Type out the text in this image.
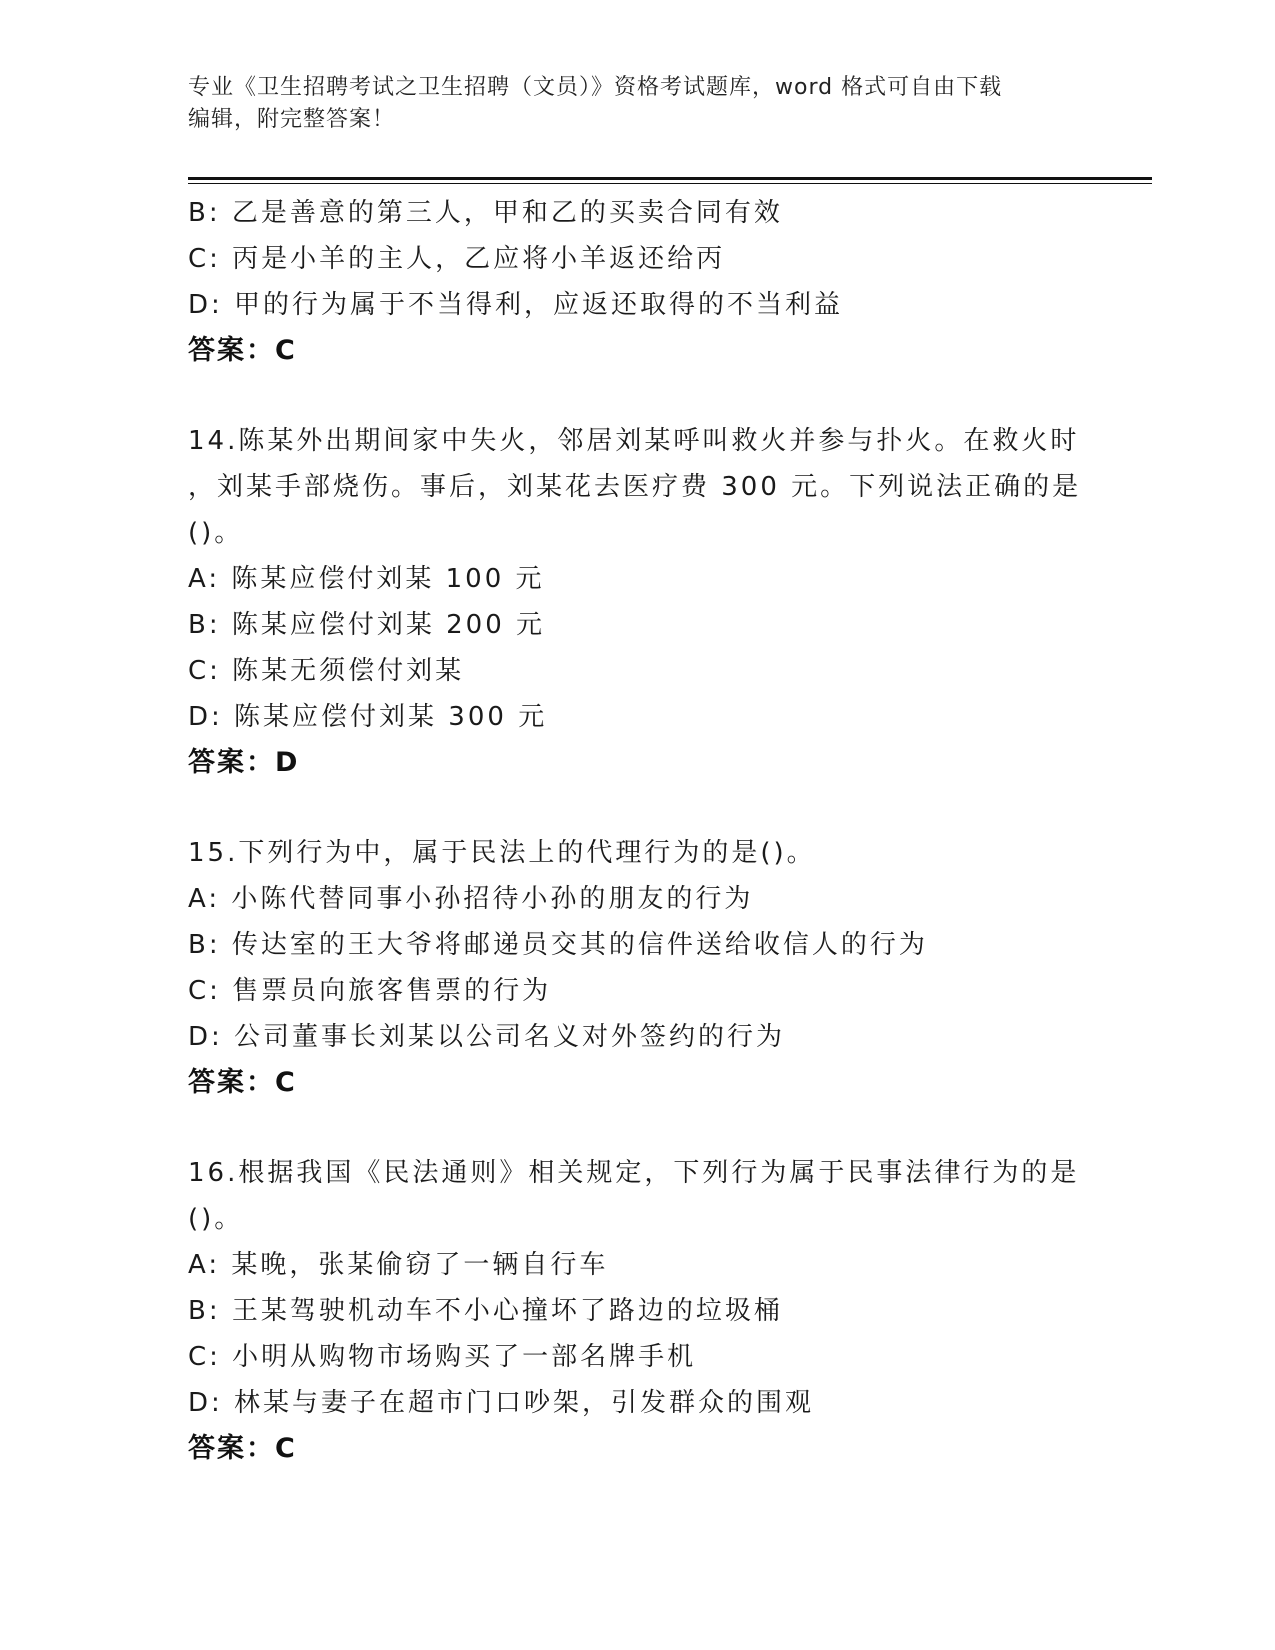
专业《卫生招聘考试之卫生招聘（文员）》资格考试题库，word 格式可自由下载
编辑，附完整答案！
B: 乙是善意的第三人，甲和乙的买卖合同有效
C: 丙是小羊的主人，乙应将小羊返还给丙
D: 甲的行为属于不当得利，应返还取得的不当利益
答案：C
14.陈某外出期间家中失火，邻居刘某呼叫救火并参与扑火。在救火时
，刘某手部烧伤。事后，刘某花去医疗费 300 元。下列说法正确的是
()。
A: 陈某应偿付刘某 100 元
B: 陈某应偿付刘某 200 元
C: 陈某无须偿付刘某
D: 陈某应偿付刘某 300 元
答案：D
15.下列行为中，属于民法上的代理行为的是()。
A: 小陈代替同事小孙招待小孙的朋友的行为
B: 传达室的王大爷将邮递员交其的信件送给收信人的行为
C: 售票员向旅客售票的行为
D: 公司董事长刘某以公司名义对外签约的行为
答案：C
16.根据我国《民法通则》相关规定，下列行为属于民事法律行为的是
()。
A: 某晚，张某偷窃了一辆自行车
B: 王某驾驶机动车不小心撞坏了路边的垃圾桶
C: 小明从购物市场购买了一部名牌手机
D: 林某与妻子在超市门口吵架，引发群众的围观
答案：C
